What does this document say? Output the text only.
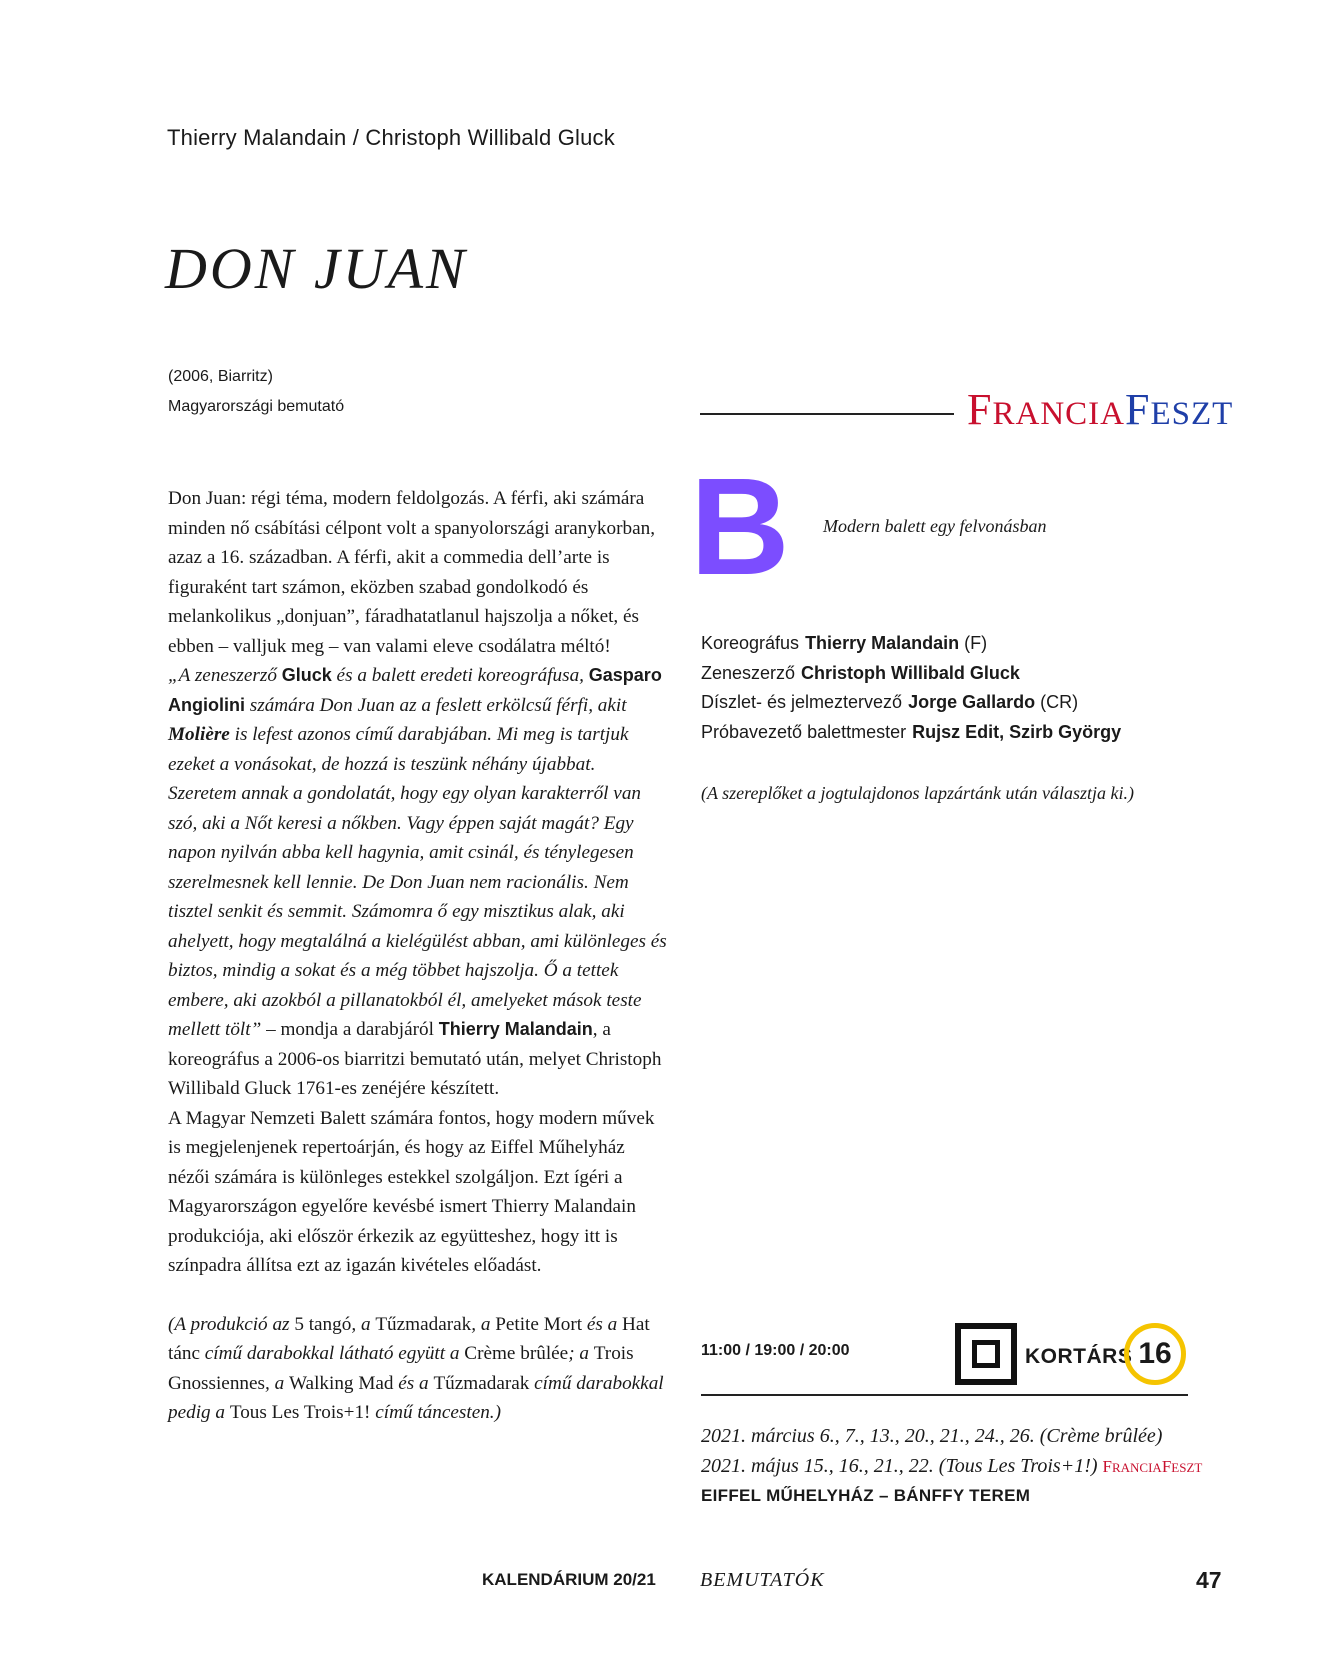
Thierry Malandain / Christoph Willibald Gluck
DON JUAN
(2006, Biarritz)
Magyarországi bemutató	FRANCIAFESZT
B Modern balett egy felvonásban
Koreográfus Thierry Malandain (F)
Zeneszerző Christoph Willibald Gluck
Díszlet- és jelmeztervező Jorge Gallardo (CR)
Próbavezető balettmester Rujsz Edit, Szirb György
(A szereplőket a jogtulajdonos lapzártánk után választja ki.)

Don Juan: régi téma, modern feldolgozás. A férfi, aki számára minden nő csábítási célpont volt a spanyolországi aranykorban, azaz a 16. században. A férfi, akit a commedia dell’arte is figuraként tart számon, eközben szabad gondolkodó és melankolikus „donjuan”, fáradhatatlanul hajszolja a nőket, és ebben – valljuk meg – van valami eleve csodálatra méltó!

„A zeneszerző Gluck és a balett eredeti koreográfusa, Gasparo Angiolini számára Don Juan az a feslett erkölcsű férfi, akit Molière is lefest azonos című darabjában. Mi meg is tartjuk ezeket a vonásokat, de hozzá is teszünk néhány újabbat. Szeretem annak a gondolatát, hogy egy olyan karakterről van szó, aki a Nőt keresi a nőkben. Vagy éppen saját magát? Egy napon nyilván abba kell hagynia, amit csinál, és ténylegesen szerelmesnek kell lennie. De Don Juan nem racionális. Nem tisztel senkit és semmit. Számomra ő egy misztikus alak, aki ahelyett, hogy megtalálná a kielégülést abban, ami különleges és biztos, mindig a sokat és a még többet hajszolja. Ő a tettek embere, aki azokból a pillanatokból él, amelyeket mások teste mellett tölt” – mondja a darabjáról Thierry Malandain, a koreográfus a 2006-os biarritzi bemutató után, melyet Christoph Willibald Gluck 1761-es zenéjére készített.

A Magyar Nemzeti Balett számára fontos, hogy modern művek is megjelenjenek repertoárján, és hogy az Eiffel Műhelyház nézői számára is különleges estekkel szolgáljon. Ezt ígéri a Magyarországon egyelőre kevésbé ismert Thierry Malandain produkciója, aki először érkezik az együtteshez, hogy itt is színpadra állítsa ezt az igazán kivételes előadást.

(A produkció az 5 tangó, a Tűzmadarak, a Petite Mort és a Hat tánc című darabokkal látható együtt a Crème brûlée; a Trois Gnossiennes, a Walking Mad és a Tűzmadarak című darabokkal pedig a Tous Les Trois+1! című táncesten.)

11:00 / 19:00 / 20:00	KORTÁRS 16
2021. március 6., 7., 13., 20., 21., 24., 26. (Crème brûlée)
2021. május 15., 16., 21., 22. (Tous Les Trois+1!) FRANCIAFESZT
EIFFEL MŰHELYHÁZ – BÁNFFY TEREM
KALENDÁRIUM 20/21 BEMUTATÓK	47
